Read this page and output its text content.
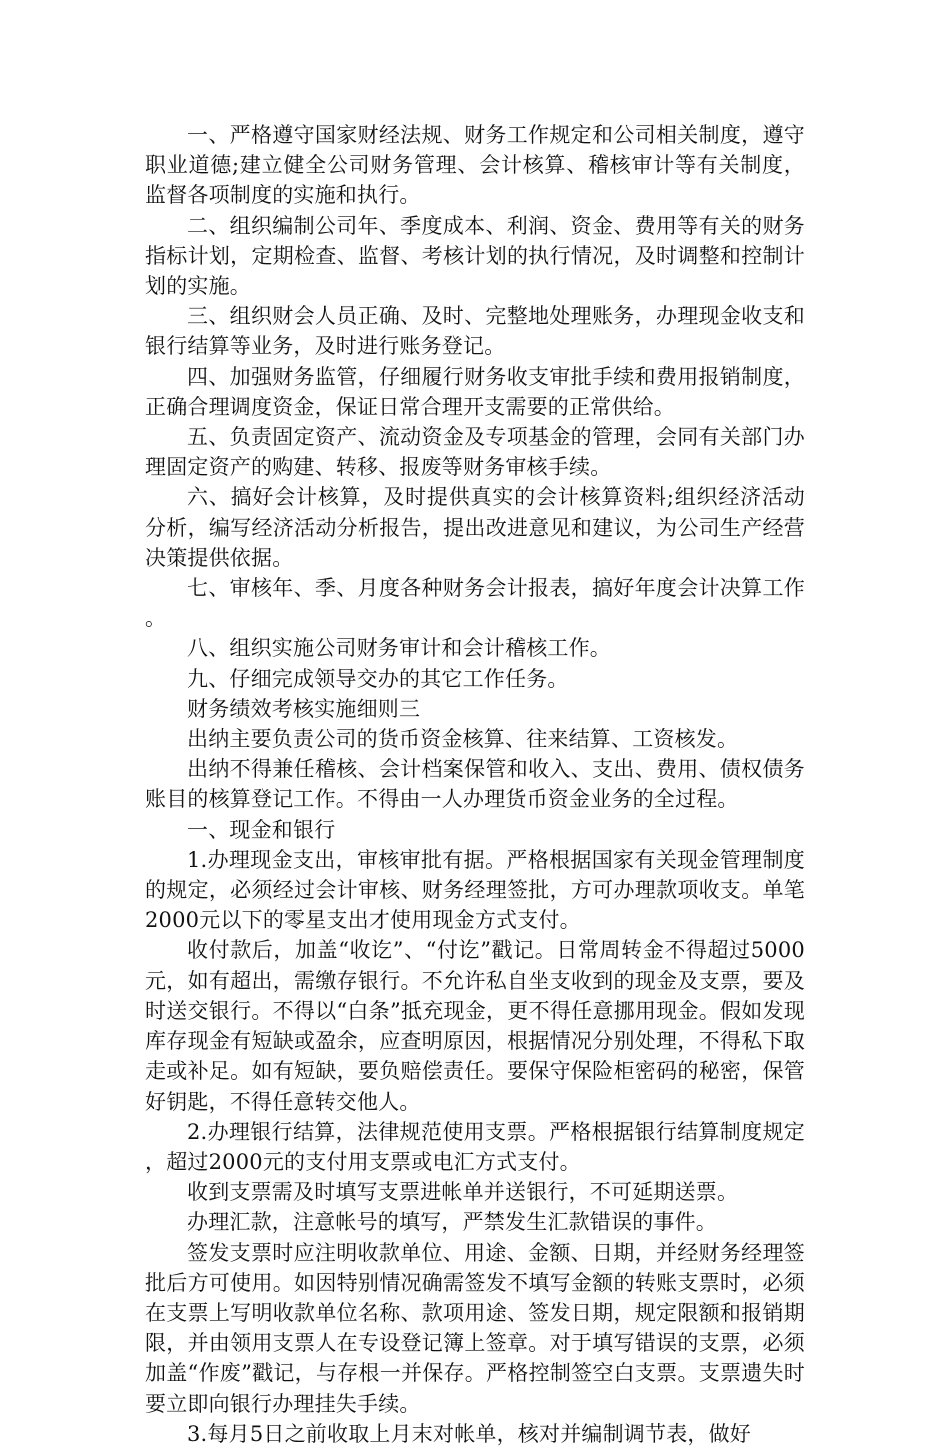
一、严格遵守国家财经法规、财务工作规定和公司相关制度，遵守职业道德;建立健全公司财务管理、会计核算、稽核审计等有关制度，监督各项制度的实施和执行。

二、组织编制公司年、季度成本、利润、资金、费用等有关的财务指标计划，定期检查、监督、考核计划的执行情况，及时调整和控制计划的实施。

三、组织财会人员正确、及时、完整地处理账务，办理现金收支和银行结算等业务，及时进行账务登记。

四、加强财务监管，仔细履行财务收支审批手续和费用报销制度，正确合理调度资金，保证日常合理开支需要的正常供给。

五、负责固定资产、流动资金及专项基金的管理，会同有关部门办理固定资产的购建、转移、报废等财务审核手续。

六、搞好会计核算，及时提供真实的会计核算资料;组织经济活动分析，编写经济活动分析报告，提出改进意见和建议，为公司生产经营决策提供依据。

七、审核年、季、月度各种财务会计报表，搞好年度会计决算工作。

八、组织实施公司财务审计和会计稽核工作。

九、仔细完成领导交办的其它工作任务。

财务绩效考核实施细则三

出纳主要负责公司的货币资金核算、往来结算、工资核发。

出纳不得兼任稽核、会计档案保管和收入、支出、费用、债权债务账目的核算登记工作。不得由一人办理货币资金业务的全过程。

一、现金和银行

1.办理现金支出，审核审批有据。严格根据国家有关现金管理制度的规定，必须经过会计审核、财务经理签批，方可办理款项收支。单笔2000元以下的零星支出才使用现金方式支付。

收付款后，加盖“收讫”、“付讫”戳记。日常周转金不得超过5000元，如有超出，需缴存银行。不允许私自坐支收到的现金及支票，要及时送交银行。不得以“白条”抵充现金，更不得任意挪用现金。假如发现库存现金有短缺或盈余，应查明原因，根据情况分别处理，不得私下取走或补足。如有短缺，要负赔偿责任。要保守保险柜密码的秘密，保管好钥匙，不得任意转交他人。

2.办理银行结算，法律规范使用支票。严格根据银行结算制度规定，超过2000元的支付用支票或电汇方式支付。

收到支票需及时填写支票进帐单并送银行，不可延期送票。

办理汇款，注意帐号的填写，严禁发生汇款错误的事件。

签发支票时应注明收款单位、用途、金额、日期，并经财务经理签批后方可使用。如因特别情况确需签发不填写金额的转账支票时，必须在支票上写明收款单位名称、款项用途、签发日期，规定限额和报销期限，并由领用支票人在专设登记簿上签章。对于填写错误的支票，必须加盖“作废”戳记，与存根一并保存。严格控制签空白支票。支票遗失时要立即向银行办理挂失手续。

3.每月5日之前收取上月末对帐单，核对并编制调节表，做好
